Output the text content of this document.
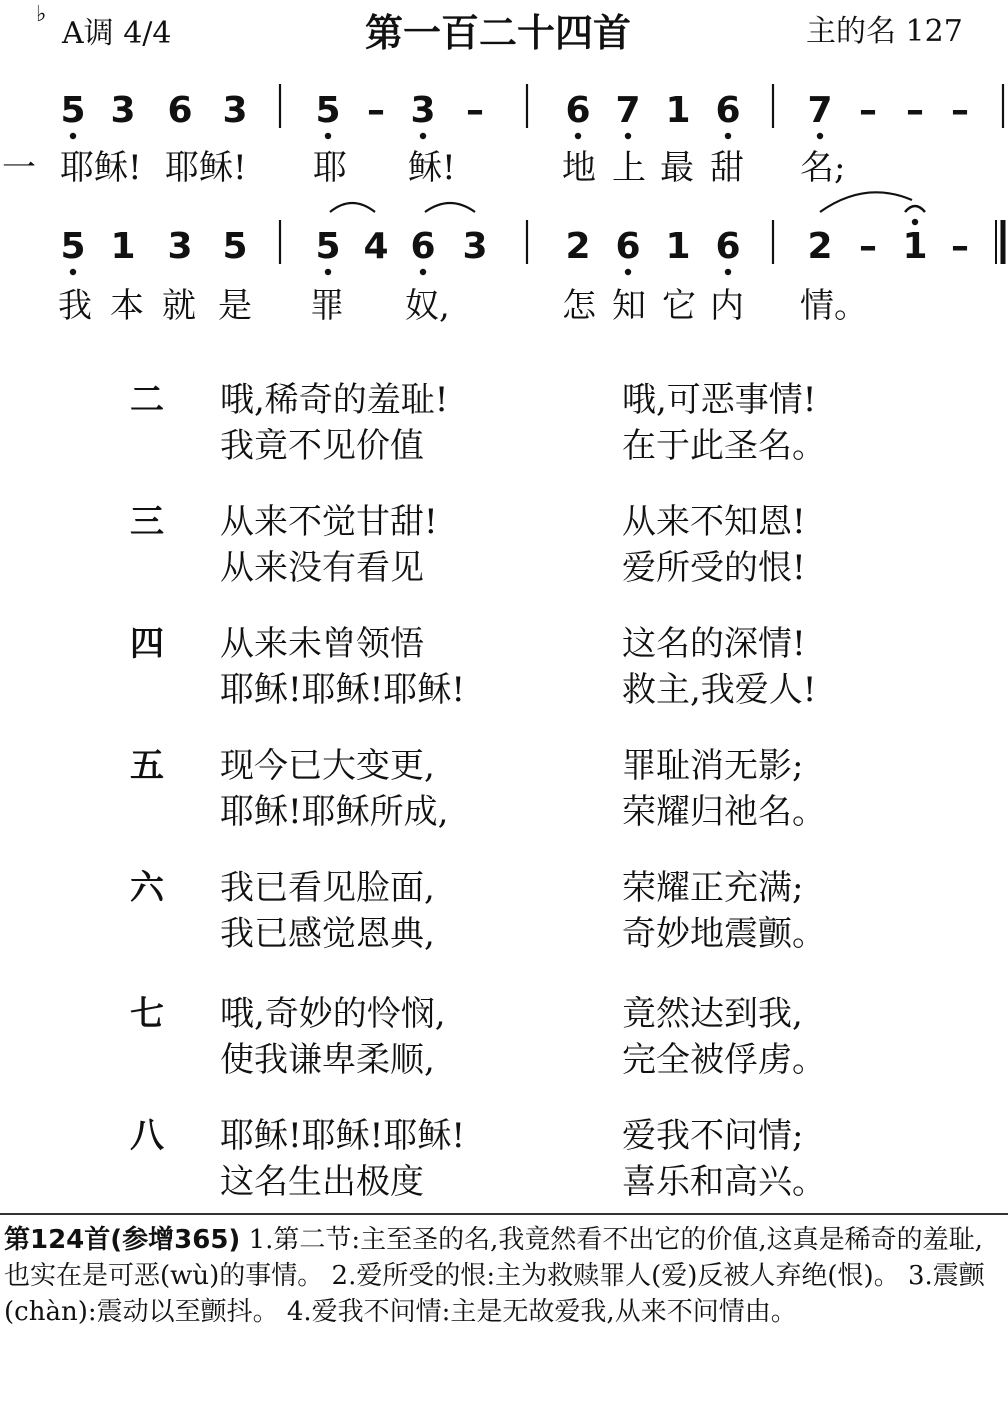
♭
A调 4/4	第一百二十四首	主的名 127
5 3 6 3 5 – 3 – 6 7 1 6 7 – – –
5 1 3 5 5 4 6 3 2 6 1 6 2 – 1 –
一 耶稣! 耶稣! 耶 稣!	地 上 最 甜 名;
我 本 就 是 罪 奴,	怎 知 它 内 情。
二 哦,稀奇的羞耻!	哦,可恶事情!
我竟不见价值	在于此圣名。
三 从来不觉甘甜!	从来不知恩!
从来没有看见	爱所受的恨!
四 从来未曾领悟	这名的深情!
耶稣!耶稣!耶稣!	救主,我爱人!
五 现今已大变更,	罪耻消无影;
耶稣!耶稣所成,	荣耀归祂名。
六 我已看见脸面,	荣耀正充满;
我已感觉恩典,	奇妙地震颤。
七 哦,奇妙的怜悯,	竟然达到我,
使我谦卑柔顺,	完全被俘虏。
八 耶稣!耶稣!耶稣!	爱我不问情;
这名生出极度	喜乐和高兴。
第124首(参增365) 1.第二节:主至圣的名,我竟然看不出它的价值,这真是稀奇的羞耻,也实在是可恶(wù)的事情。 2.爱所受的恨:主为救赎罪人(爱)反被人弃绝(恨)。 3.震颤(chàn):震动以至颤抖。 4.爱我不问情:主是无故爱我,从来不问情由。
